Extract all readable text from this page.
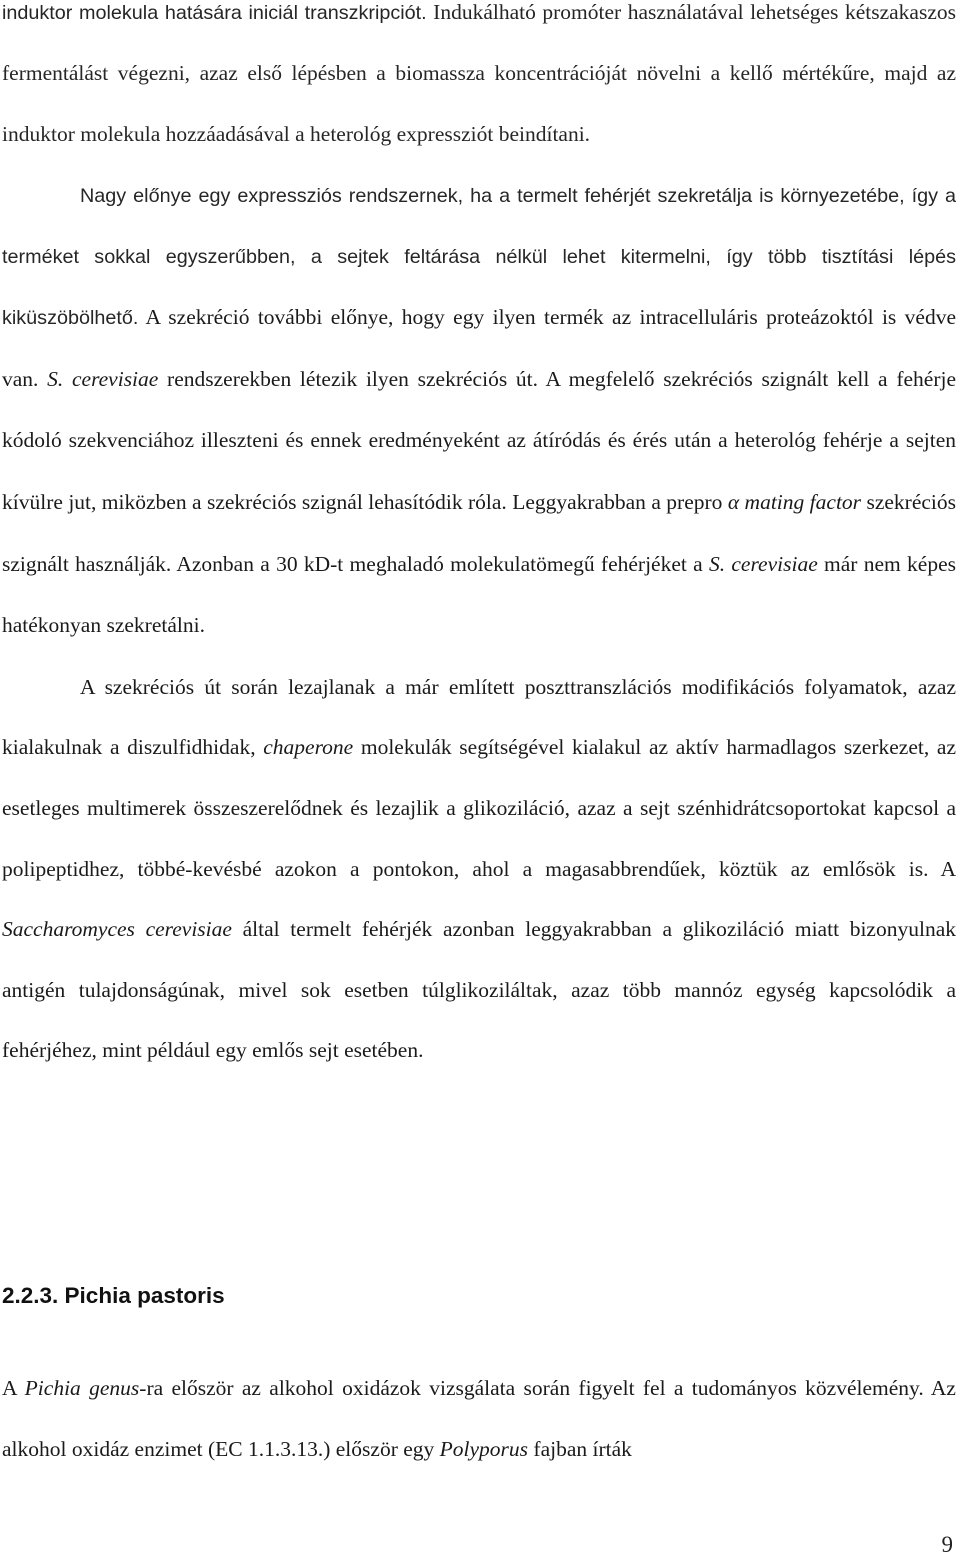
induktor molekula hatására iniciál transzkripciót. Indukálható promóter használatával lehetséges kétszakaszos fermentálást végezni, azaz első lépésben a biomassza koncentrációját növelni a kellő mértékűre, majd az induktor molekula hozzáadásával a heterológ expressziót beindítani.

Nagy előnye egy expressziós rendszernek, ha a termelt fehérjét szekretálja is környezetébe, így a terméket sokkal egyszerűbben, a sejtek feltárása nélkül lehet kitermelni, így több tisztítási lépés kiküszöbölhető. A szekréció további előnye, hogy egy ilyen termék az intracelluláris proteázoktól is védve van. S. cerevisiae rendszerekben létezik ilyen szekréciós út. A megfelelő szekréciós szignált kell a fehérje kódoló szekvenciához illeszteni és ennek eredményeként az átíródás és érés után a heterológ fehérje a sejten kívülre jut, miközben a szekréciós szignál lehasítódik róla. Leggyakrabban a prepro α mating factor szekréciós szignált használják. Azonban a 30 kD-t meghaladó molekulatömegű fehérjéket a S. cerevisiae már nem képes hatékonyan szekretálni.

A szekréciós út során lezajlanak a már említett poszttranszlációs modifikációs folyamatok, azaz kialakulnak a diszulfidhidak, chaperone molekulák segítségével kialakul az aktív harmadlagos szerkezet, az esetleges multimerek összeszerelődnek és lezajlik a glikoziláció, azaz a sejt szénhidrátcsoportokat kapcsol a polipeptidhez, többé-kevésbé azokon a pontokon, ahol a magasabbrendűek, köztük az emlősök is. A Saccharomyces cerevisiae által termelt fehérjék azonban leggyakrabban a glikoziláció miatt bizonyulnak antigén tulajdonságúnak, mivel sok esetben túlglikoziláltak, azaz több mannóz egység kapcsolódik a fehérjéhez, mint például egy emlős sejt esetében.

2.2.3. Pichia pastoris

A Pichia genus-ra először az alkohol oxidázok vizsgálata során figyelt fel a tudományos közvélemény. Az alkohol oxidáz enzimet (EC 1.1.3.13.) először egy Polyporus fajban írták

9
